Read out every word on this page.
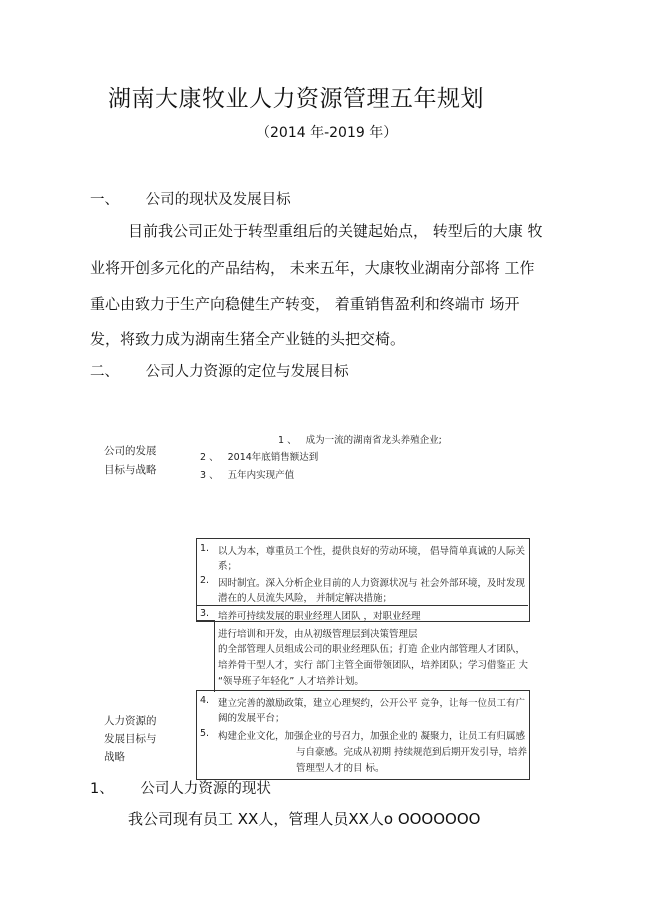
湖南大康牧业人力资源管理五年规划
（2014 年-2019 年）
一、 公司的现状及发展目标
目前我公司正处于转型重组后的关键起始点， 转型后的大康 牧
业将开创多元化的产品结构， 未来五年，大康牧业湖南分部将 工作
重心由致力于生产向稳健生产转变， 着重销售盈利和终端市 场开
发，将致力成为湖南生猪全产业链的头把交椅。
二、 公司人力资源的定位与发展目标
公司的发展
目标与战略
1 、 成为一流的湖南省龙头养殖企业;
2 、 2014年底销售额达到
3 、 五年内实现产值
人力资源的
发展目标与
战略
1. 以人为本，尊重员工个性，提供良好的劳动环境， 倡导简单真诚的人际关
系；
2. 因时制宜。深入分析企业目前的人力资源状况与 社会外部环境，及时发现
潜在的人员流失风险， 并制定解决措施；
3. 培养可持续发展的职业经理人团队 ，对职业经理
进行培训和开发，由从初级管理层到决策管理层
的全部管理人员组成公司的职业经理队伍；打造 企业内部管理人才团队，
培养骨干型人才，实行 部门主管全面带领团队，培养团队；学习借鉴正 大
“领导班子年轻化” 人才培养计划。
4. 建立完善的激励政策，建立心理契约，公开公平 竞争，让每一位员工有广
阔的发展平台；
5. 构建企业文化，加强企业的号召力，加强企业的 凝聚力，让员工有归属感
与自豪感。完成从初期 持续规范到后期开发引导，培养
管理型人才的目 标。
1、 公司人力资源的现状
我公司现有员工 XX人，管理人员XX人o OOOOOOO
